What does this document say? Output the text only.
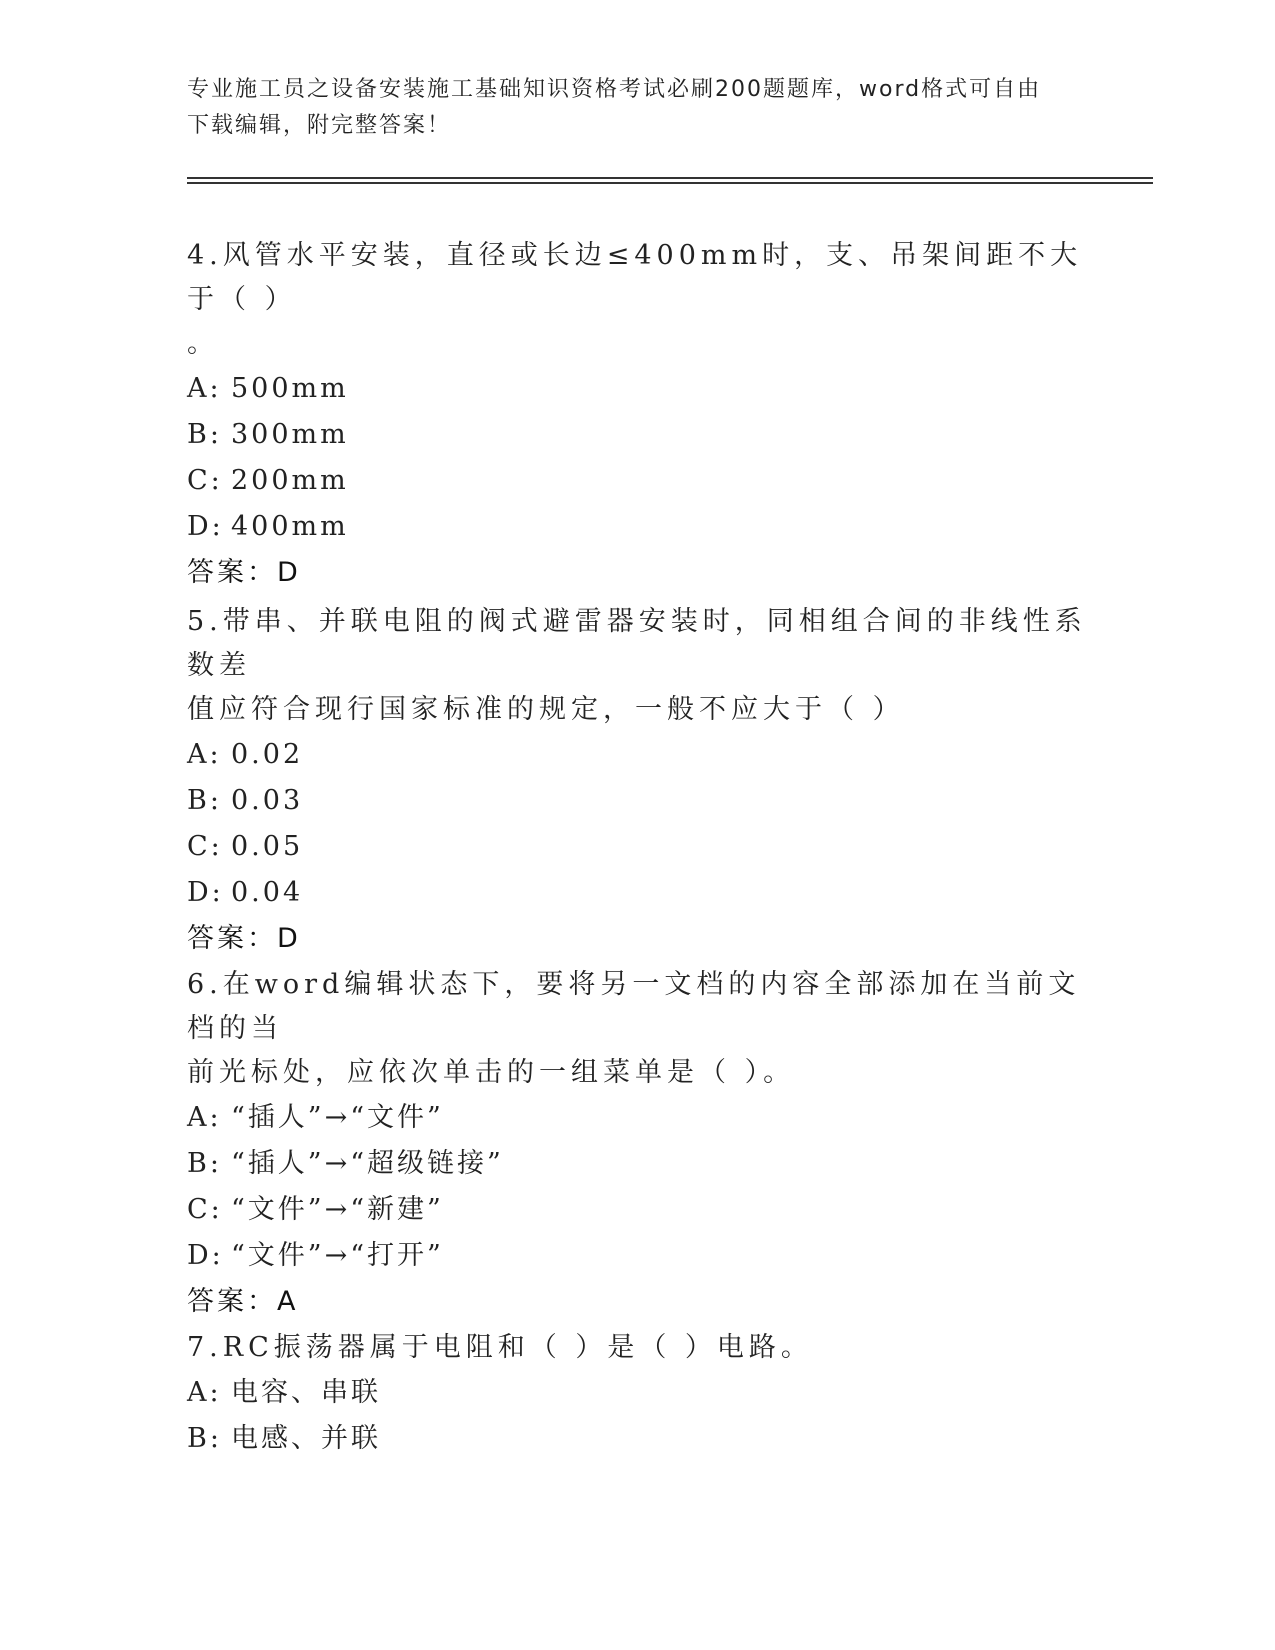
专业施工员之设备安装施工基础知识资格考试必刷200题题库，word格式可自由
下载编辑，附完整答案！

4.风管水平安装，直径或长边≤400mm时，支、吊架间距不大于（ ）

。

A: 500mm

B: 300mm

C: 200mm

D: 400mm

答案：D

5.带串、并联电阻的阀式避雷器安装时，同相组合间的非线性系数差

值应符合现行国家标准的规定，一般不应大于（ ）

A: 0.02

B: 0.03

C: 0.05

D: 0.04

答案：D

6.在word编辑状态下，要将另一文档的内容全部添加在当前文档的当

前光标处，应依次单击的一组菜单是（ ）。

A: “插人”→“文件”

B: “插人”→“超级链接”

C: “文件”→“新建”

D: “文件”→“打开”

答案：A

7.RC振荡器属于电阻和（ ）是（ ）电路。

A: 电容、串联

B: 电感、并联
